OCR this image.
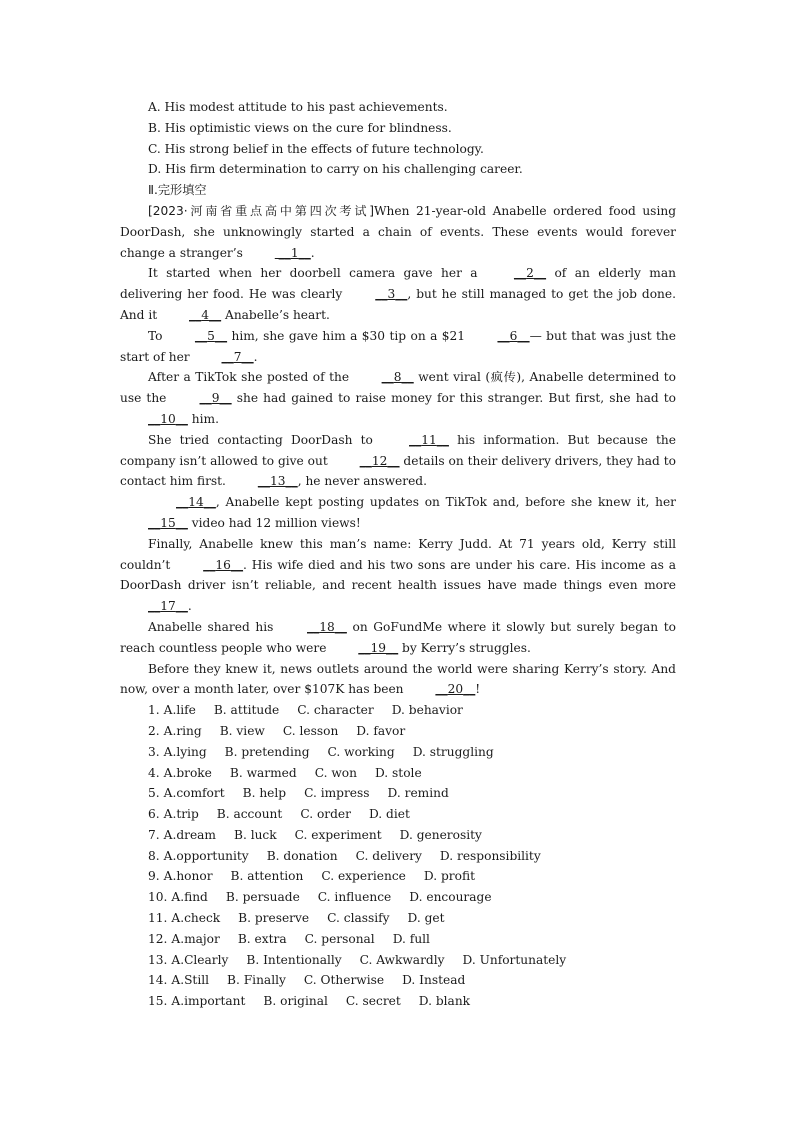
A. His modest attitude to his past achievements.
B. His optimistic views on the cure for blindness.
C. His strong belief in the effects of future technology.
D. His firm determination to carry on his challenging career.
Ⅱ.完形填空
[2023·河南省重点高中第四次考试]When 21-year-old Anabelle ordered food using DoorDash, she unknowingly started a chain of events. These events would forever change a stranger’s  __1__.
It started when her doorbell camera gave her a __2__ of an elderly man delivering her food. He was clearly __3__, but he still managed to get the job done. And it __4__ Anabelle’s heart.
To __5__ him, she gave him a $30 tip on a $21 __6__— but that was just the start of her __7__.
After a TikTok she posted of the __8__ went viral (疯传), Anabelle determined to use the __9__ she had gained to raise money for this stranger. But first, she had to __10__ him.
She tried contacting DoorDash to __11__ his information. But because the company isn’t allowed to give out __12__ details on their delivery drivers, they had to contact him first. __13__, he never answered.
__14__, Anabelle kept posting updates on TikTok and, before she knew it, her __15__ video had 12 million views!
Finally, Anabelle knew this man’s name: Kerry Judd. At 71 years old, Kerry still couldn’t __16__. His wife died and his two sons are under his care. His income as a DoorDash driver isn’t reliable, and recent health issues have made things even more __17__.
Anabelle shared his __18__ on GoFundMe where it slowly but surely began to reach countless people who were __19__ by Kerry’s struggles.
Before they knew it, news outlets around the world were sharing Kerry’s story. And now, over a month later, over $107K has been __20__!
1. A.life B. attitude C. character D. behavior
2. A.ring B. view C. lesson D. favor
3. A.lying B. pretending C. working D. struggling
4. A.broke B. warmed C. won D. stole
5. A.comfort B. help C. impress D. remind
6. A.trip B. account C. order D. diet
7. A.dream B. luck C. experiment D. generosity
8. A.opportunity B. donation C. delivery D. responsibility
9. A.honor B. attention C. experience D. profit
10. A.find B. persuade C. influence D. encourage
11. A.check B. preserve C. classify D. get
12. A.major B. extra C. personal D. full
13. A.Clearly B. Intentionally C. Awkwardly D. Unfortunately
14. A.Still B. Finally C. Otherwise D. Instead
15. A.important B. original C. secret D. blank
